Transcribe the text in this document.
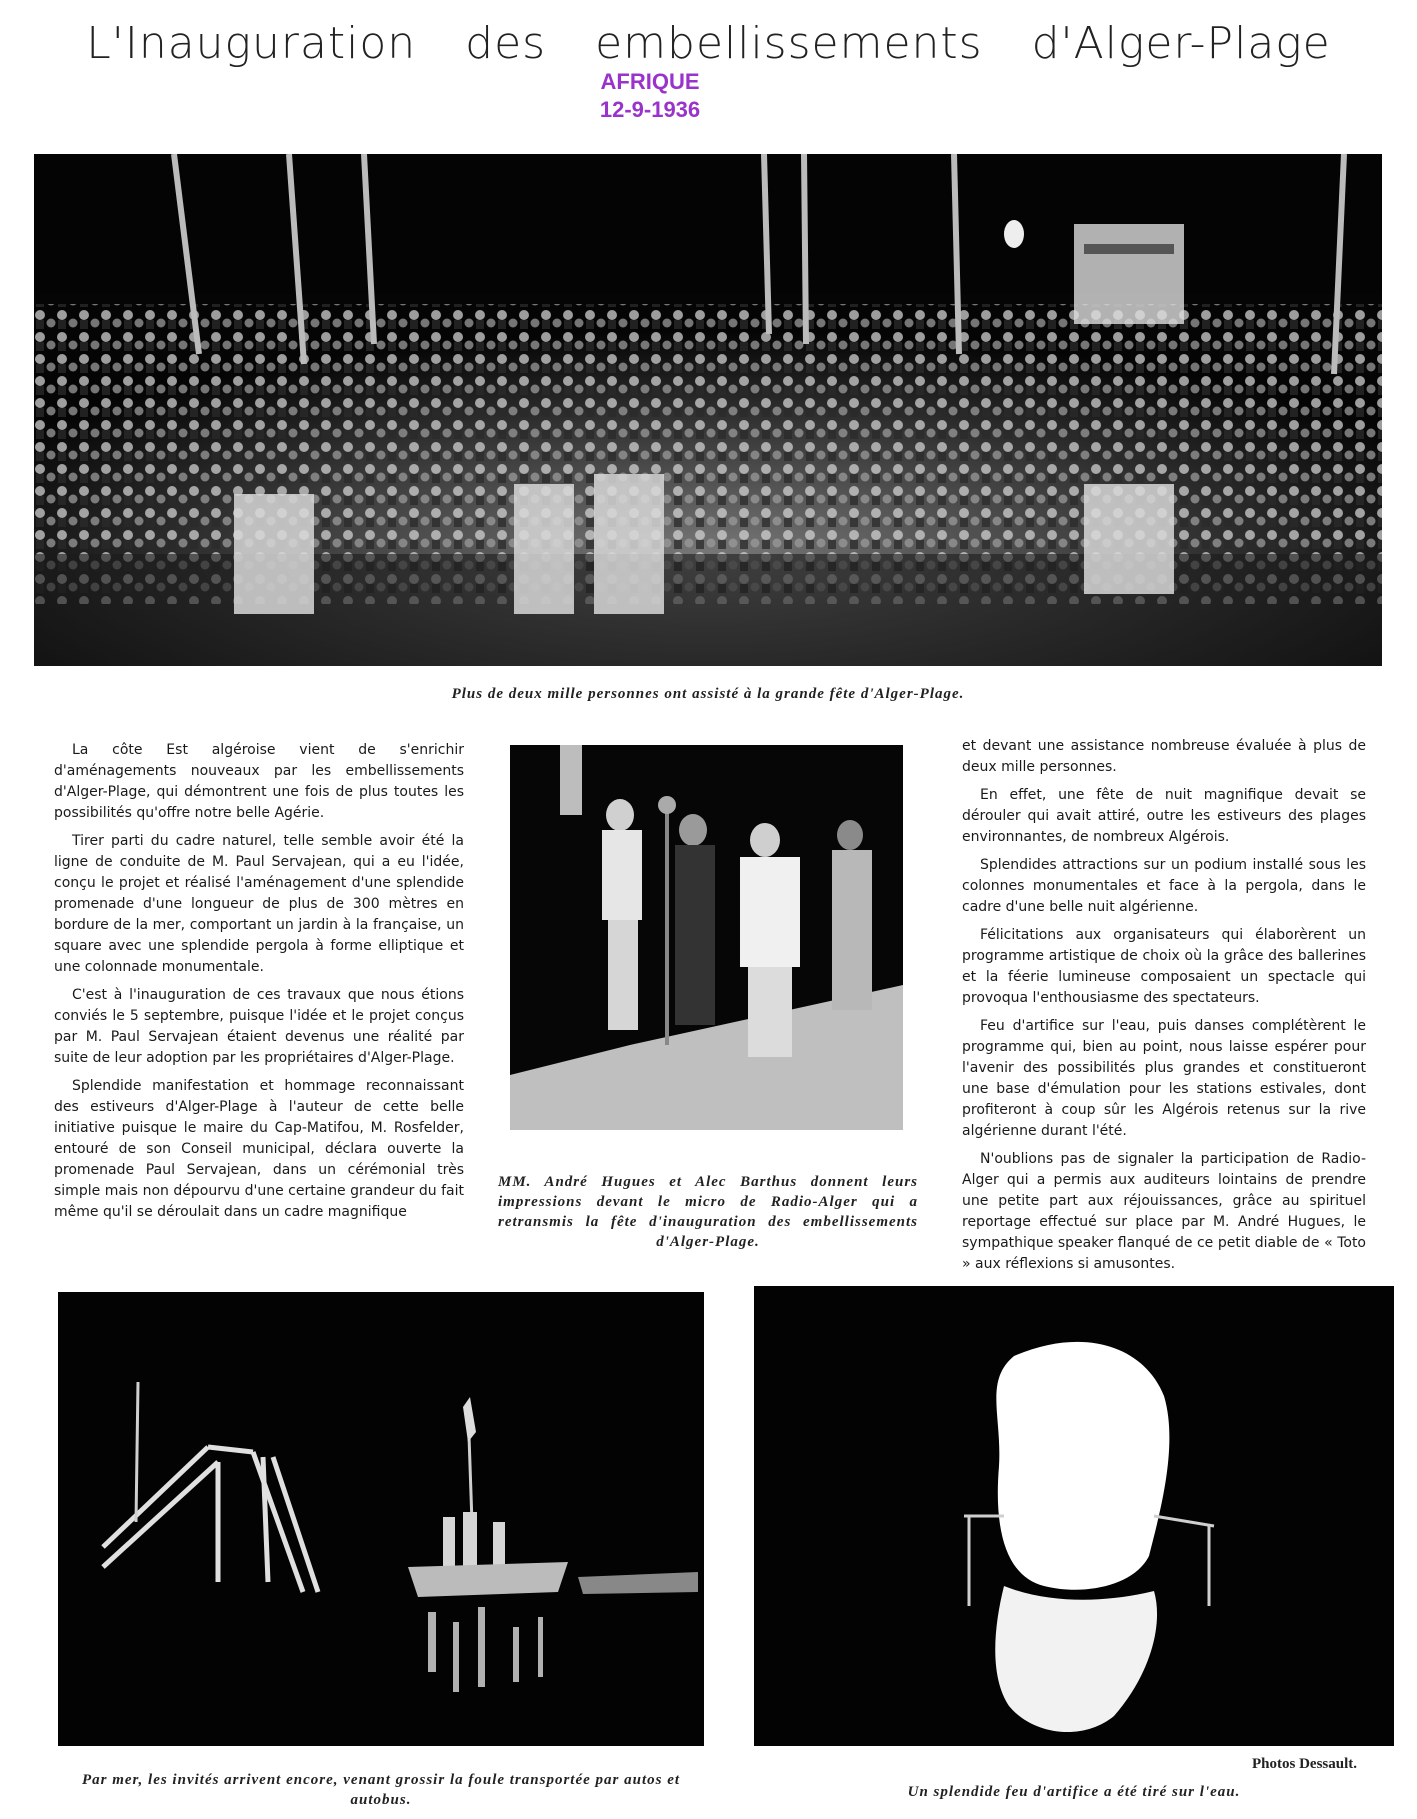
L'Inauguration des embellissements d'Alger-Plage
AFRIQUE
12-9-1936
Plus de deux mille personnes ont assisté à la grande fête d'Alger-Plage.

La côte Est algéroise vient de s'enrichir d'aménagements nouveaux par les embellissements d'Alger-Plage, qui démontrent une fois de plus toutes les possibilités qu'offre notre belle Agérie.

Tirer parti du cadre naturel, telle semble avoir été la ligne de conduite de M. Paul Servajean, qui a eu l'idée, conçu le projet et réalisé l'aménagement d'une splendide promenade d'une longueur de plus de 300 mètres en bordure de la mer, comportant un jardin à la française, un square avec une splendide pergola à forme elliptique et une colonnade monumentale.

C'est à l'inauguration de ces travaux que nous étions conviés le 5 septembre, puisque l'idée et le projet conçus par M. Paul Servajean étaient devenus une réalité par suite de leur adoption par les propriétaires d'Alger-Plage.

Splendide manifestation et hommage reconnaissant des estiveurs d'Alger-Plage à l'auteur de cette belle initiative puisque le maire du Cap-Matifou, M. Rosfelder, entouré de son Conseil municipal, déclara ouverte la promenade Paul Servajean, dans un cérémonial très simple mais non dépourvu d'une certaine grandeur du fait même qu'il se déroulait dans un cadre magnifique

MM. André Hugues et Alec Barthus donnent leurs impressions devant le micro de Radio-Alger qui a retransmis la fête d'inauguration des embellissements d'Alger-Plage.

et devant une assistance nombreuse évaluée à plus de deux mille personnes.

En effet, une fête de nuit magnifique devait se dérouler qui avait attiré, outre les estiveurs des plages environnantes, de nombreux Algérois.

Splendides attractions sur un podium installé sous les colonnes monumentales et face à la pergola, dans le cadre d'une belle nuit algérienne.

Félicitations aux organisateurs qui élaborèrent un programme artistique de choix où la grâce des ballerines et la féerie lumineuse composaient un spectacle qui provoqua l'enthousiasme des spectateurs.

Feu d'artifice sur l'eau, puis danses complétèrent le programme qui, bien au point, nous laisse espérer pour l'avenir des possibilités plus grandes et constitueront une base d'émulation pour les stations estivales, dont profiteront à coup sûr les Algérois retenus sur la rive algérienne durant l'été.

N'oublions pas de signaler la participation de Radio-Alger qui a permis aux auditeurs lointains de prendre une petite part aux réjouissances, grâce au spirituel reportage effectué sur place par M. André Hugues, le sympathique speaker flanqué de ce petit diable de « Toto » aux réflexions si amusontes.

Par mer, les invités arrivent encore, venant grossir la foule transportée par autos et autobus.
Photos Dessault.
Un splendide feu d'artifice a été tiré sur l'eau.
